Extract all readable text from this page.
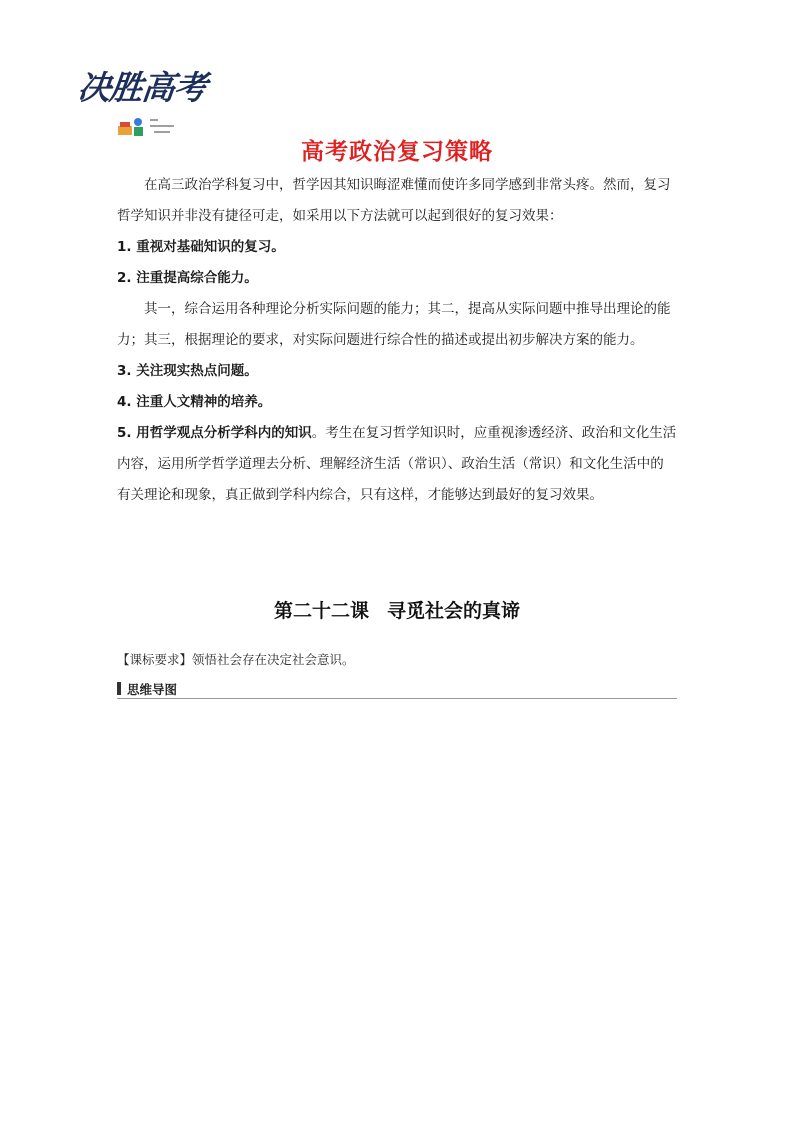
决胜高考
高考政治复习策略

在高三政治学科复习中，哲学因其知识晦涩难懂而使许多同学感到非常头疼。然而，复习哲学知识并非没有捷径可走，如采用以下方法就可以起到很好的复习效果：

1. 重视对基础知识的复习。

2. 注重提高综合能力。

其一，综合运用各种理论分析实际问题的能力；其二，提高从实际问题中推导出理论的能力；其三，根据理论的要求，对实际问题进行综合性的描述或提出初步解决方案的能力。

3. 关注现实热点问题。

4. 注重人文精神的培养。

5. 用哲学观点分析学科内的知识。考生在复习哲学知识时，应重视渗透经济、政治和文化生活内容，运用所学哲学道理去分析、理解经济生活（常识）、政治生活（常识）和文化生活中的有关理论和现象，真正做到学科内综合，只有这样，才能够达到最好的复习效果。

第二十二课 寻觅社会的真谛
【课标要求】领悟社会存在决定社会意识。
思维导图
